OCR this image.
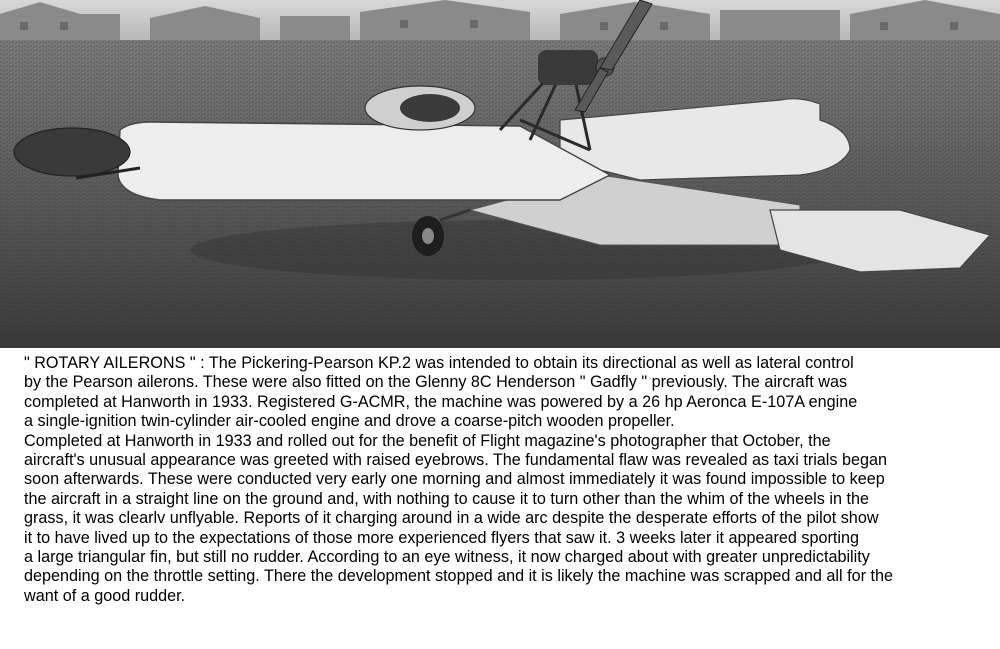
" ROTARY AILERONS " : The Pickering-Pearson KP.2 was intended to obtain its directional as well as lateral control
by the Pearson ailerons. These were also fitted on the Glenny 8C Henderson " Gadfly " previously. The aircraft was
completed at Hanworth in 1933. Registered G-ACMR, the machine was powered by a 26 hp Aeronca E-107A engine
a single-ignition twin-cylinder air-cooled engine and drove a coarse-pitch wooden propeller.
Completed at Hanworth in 1933 and rolled out for the benefit of Flight magazine's photographer that October, the
aircraft's unusual appearance was greeted with raised eyebrows. The fundamental flaw was revealed as taxi trials began
soon afterwards. These were conducted very early one morning and almost immediately it was found impossible to keep
the aircraft in a straight line on the ground and, with nothing to cause it to turn other than the whim of the wheels in the
grass, it was clearlv unflyable. Reports of it charging around in a wide arc despite the desperate efforts of the pilot show
it to have lived up to the expectations of those more experienced flyers that saw it. 3 weeks later it appeared sporting
a large triangular fin, but still no rudder. According to an eye witness, it now charged about with greater unpredictability
depending on the throttle setting. There the development stopped and it is likely the machine was scrapped and all for the
want of a good rudder.
